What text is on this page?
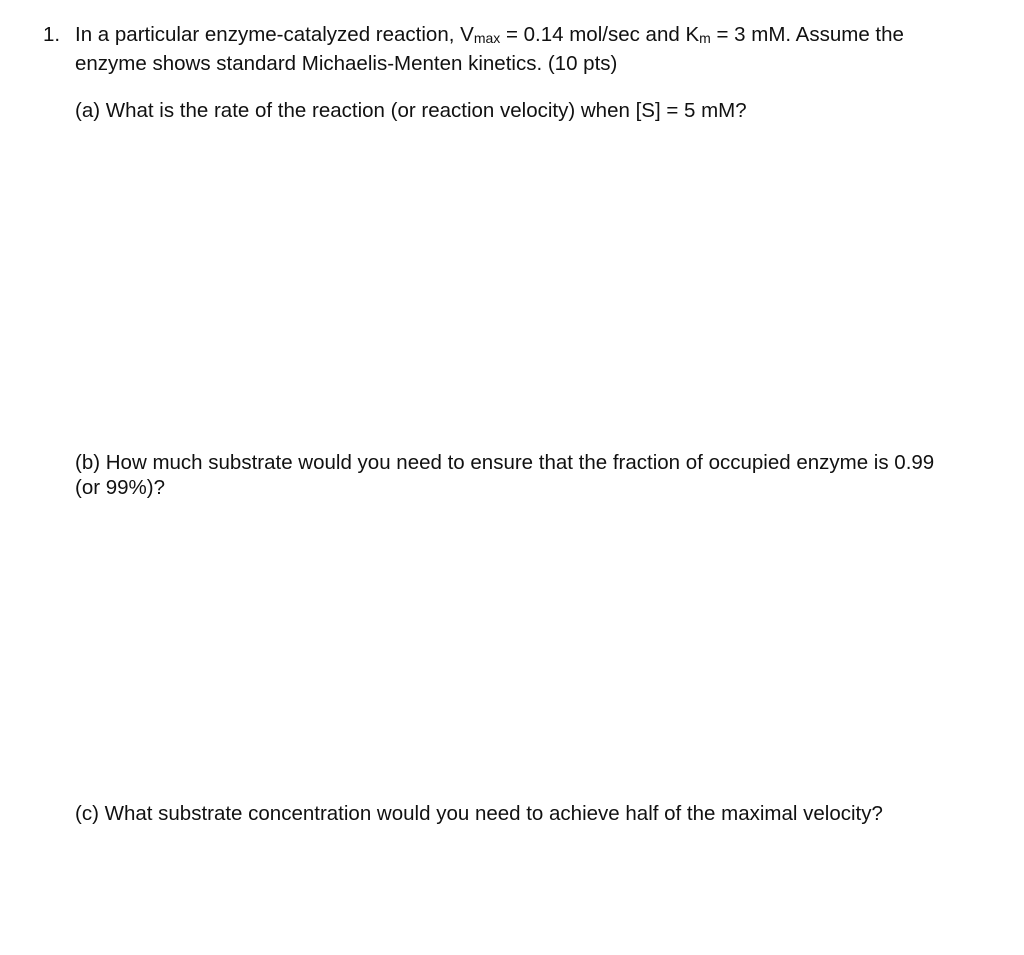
1. In a particular enzyme-catalyzed reaction, Vmax = 0.14 mol/sec and Km = 3 mM. Assume the
enzyme shows standard Michaelis-Menten kinetics. (10 pts)
(a) What is the rate of the reaction (or reaction velocity) when [S] = 5 mM?
(b) How much substrate would you need to ensure that the fraction of occupied enzyme is 0.99
(or 99%)?
(c) What substrate concentration would you need to achieve half of the maximal velocity?
